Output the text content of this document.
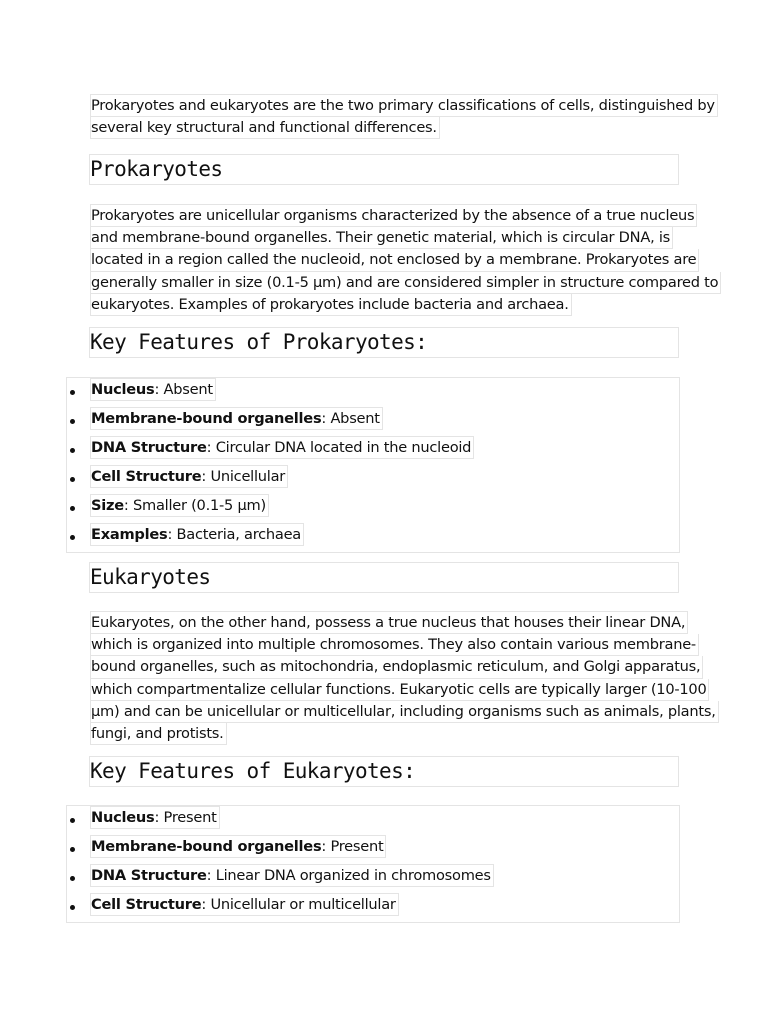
Prokaryotes and eukaryotes are the two primary classifications of cells, distinguished by
several key structural and functional differences.
Prokaryotes
Prokaryotes are unicellular organisms characterized by the absence of a true nucleus
and membrane-bound organelles. Their genetic material, which is circular DNA, is
located in a region called the nucleoid, not enclosed by a membrane. Prokaryotes are
generally smaller in size (0.1-5 µm) and are considered simpler in structure compared to
eukaryotes. Examples of prokaryotes include bacteria and archaea.
Key Features of Prokaryotes:
Nucleus: Absent
Membrane-bound organelles: Absent
DNA Structure: Circular DNA located in the nucleoid
Cell Structure: Unicellular
Size: Smaller (0.1-5 µm)
Examples: Bacteria, archaea
Eukaryotes
Eukaryotes, on the other hand, possess a true nucleus that houses their linear DNA,
which is organized into multiple chromosomes. They also contain various membrane-
bound organelles, such as mitochondria, endoplasmic reticulum, and Golgi apparatus,
which compartmentalize cellular functions. Eukaryotic cells are typically larger (10-100
µm) and can be unicellular or multicellular, including organisms such as animals, plants,
fungi, and protists.
Key Features of Eukaryotes:
Nucleus: Present
Membrane-bound organelles: Present
DNA Structure: Linear DNA organized in chromosomes
Cell Structure: Unicellular or multicellular
